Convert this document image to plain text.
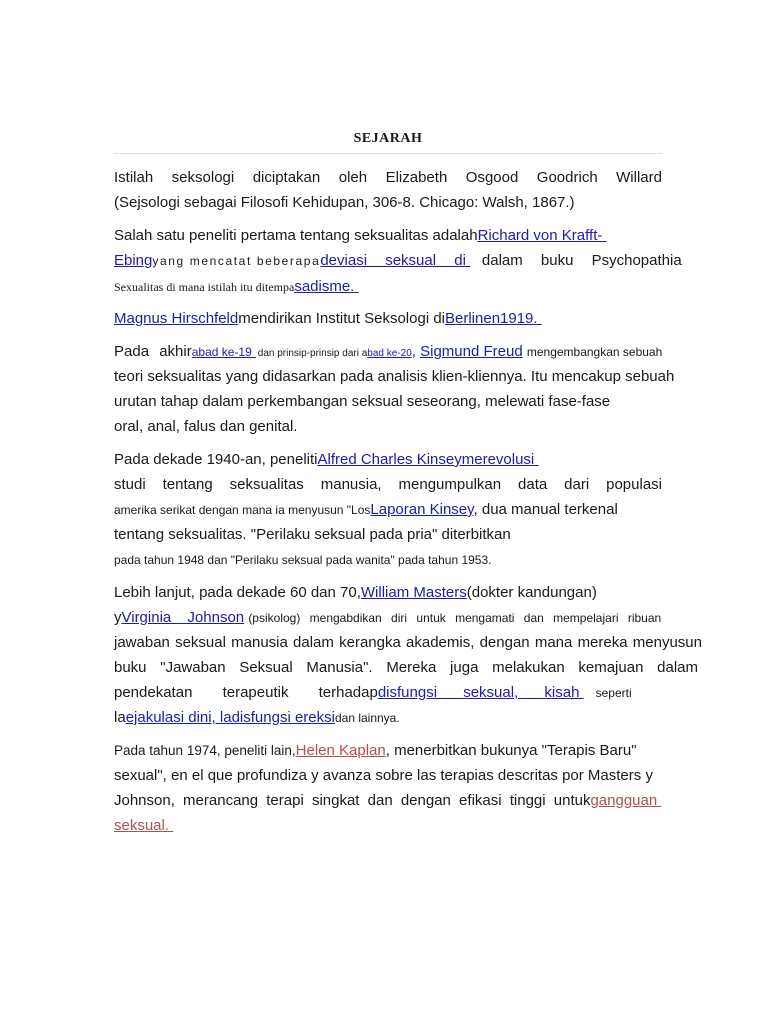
SEJARAH
Istilah seksologi diciptakan oleh Elizabeth Osgood Goodrich Willard
(Sejsologi sebagai Filosofi Kehidupan, 306-8. Chicago: Walsh, 1867.)
Salah satu peneliti pertama tentang seksualitas adalahRichard von Krafft-
Ebingyang mencatat beberapadeviasi seksual di dalam buku Psychopathia
Sexualitas di mana istilah itu ditempasadisme.
Magnus Hirschfeldmendirikan Institut Seksologi diBerlinen1919.
Pada akhirabad ke-19 dan prinsip-prinsip dari abad ke-20, Sigmund Freud mengembangkan sebuah
teori seksualitas yang didasarkan pada analisis klien-kliennya. Itu mencakup sebuah
urutan tahap dalam perkembangan seksual seseorang, melewati fase-fase
oral, anal, falus dan genital.
Pada dekade 1940-an, penelitiAlfred Charles Kinseymerevolusi
studi tentang seksualitas manusia, mengumpulkan data dari populasi
amerika serikat dengan mana ia menyusun "LosLaporan Kinsey, dua manual terkenal
tentang seksualitas. "Perilaku seksual pada pria" diterbitkan
pada tahun 1948 dan "Perilaku seksual pada wanita" pada tahun 1953.
Lebih lanjut, pada dekade 60 dan 70,William Masters(dokter kandungan)
yVirginia Johnson (psikolog) mengabdikan diri untuk mengamati dan mempelajari ribuan
jawaban seksual manusia dalam kerangka akademis, dengan mana mereka menyusun
buku "Jawaban Seksual Manusia". Mereka juga melakukan kemajuan dalam
pendekatan terapeutik terhadapdisfungsi seksual, kisah seperti
laejakulasi dini, ladisfungsi ereksidan lainnya.
Pada tahun 1974, peneliti lain,Helen Kaplan, menerbitkan bukunya "Terapis Baru"
sexual", en el que profundiza y avanza sobre las terapias descritas por Masters y
Johnson, merancang terapi singkat dan dengan efikasi tinggi untukgangguan
seksual.
